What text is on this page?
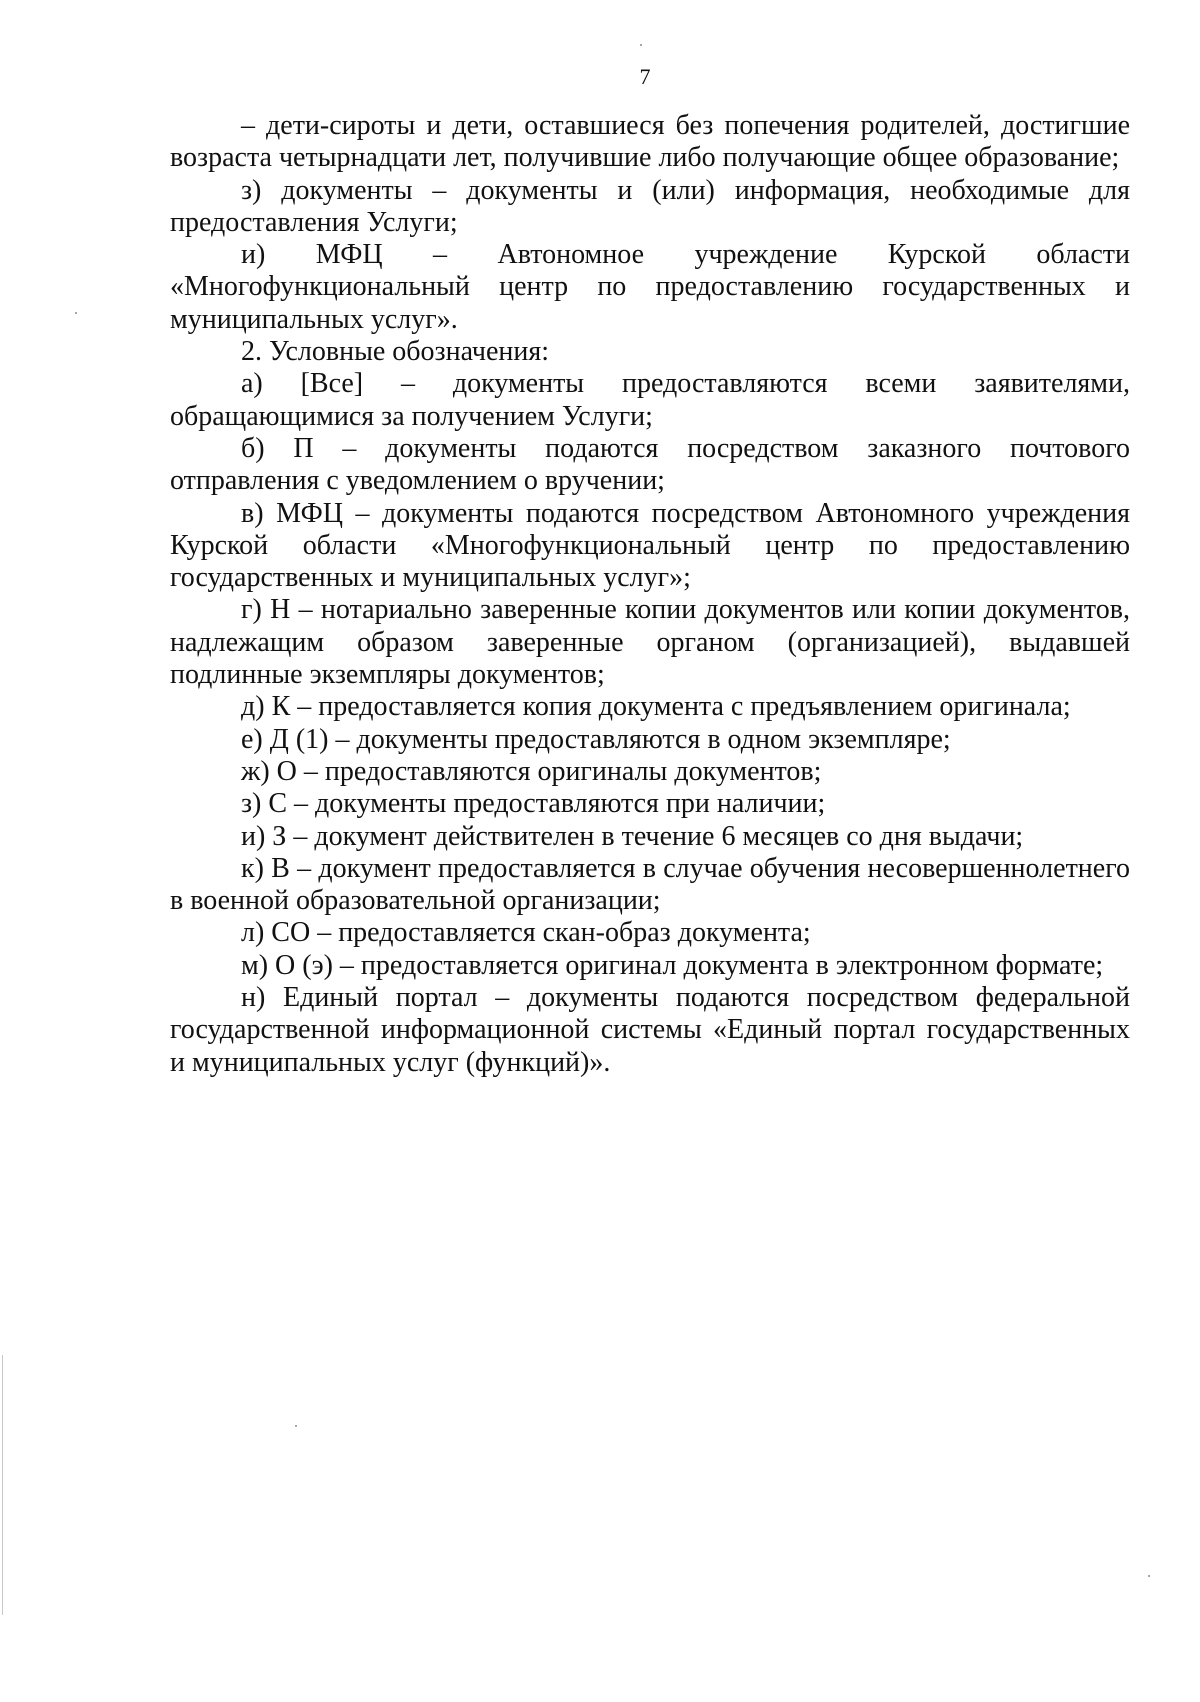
7

– дети-сироты и дети, оставшиеся без попечения родителей, достигшие возраста четырнадцати лет, получившие либо получающие общее образование;

з) документы – документы и (или) информация, необходимые для предоставления Услуги;

и) МФЦ – Автономное учреждение Курской области «Многофункциональный центр по предоставлению государственных и муниципальных услуг».

2. Условные обозначения:

а) [Все] – документы предоставляются всеми заявителями, обращающимися за получением Услуги;

б) П – документы подаются посредством заказного почтового отправления с уведомлением о вручении;

в) МФЦ – документы подаются посредством Автономного учреждения Курской области «Многофункциональный центр по предоставлению государственных и муниципальных услуг»;

г) Н – нотариально заверенные копии документов или копии документов, надлежащим образом заверенные органом (организацией), выдавшей подлинные экземпляры документов;

д) К – предоставляется копия документа с предъявлением оригинала;

е) Д (1) – документы предоставляются в одном экземпляре;

ж) О – предоставляются оригиналы документов;

з) С – документы предоставляются при наличии;

и) З – документ действителен в течение 6 месяцев со дня выдачи;

к) В – документ предоставляется в случае обучения несовершеннолетнего в военной образовательной организации;

л) СО – предоставляется скан-образ документа;

м) О (э) – предоставляется оригинал документа в электронном формате;

н) Единый портал – документы подаются посредством федеральной государственной информационной системы «Единый портал государственных и муниципальных услуг (функций)».
